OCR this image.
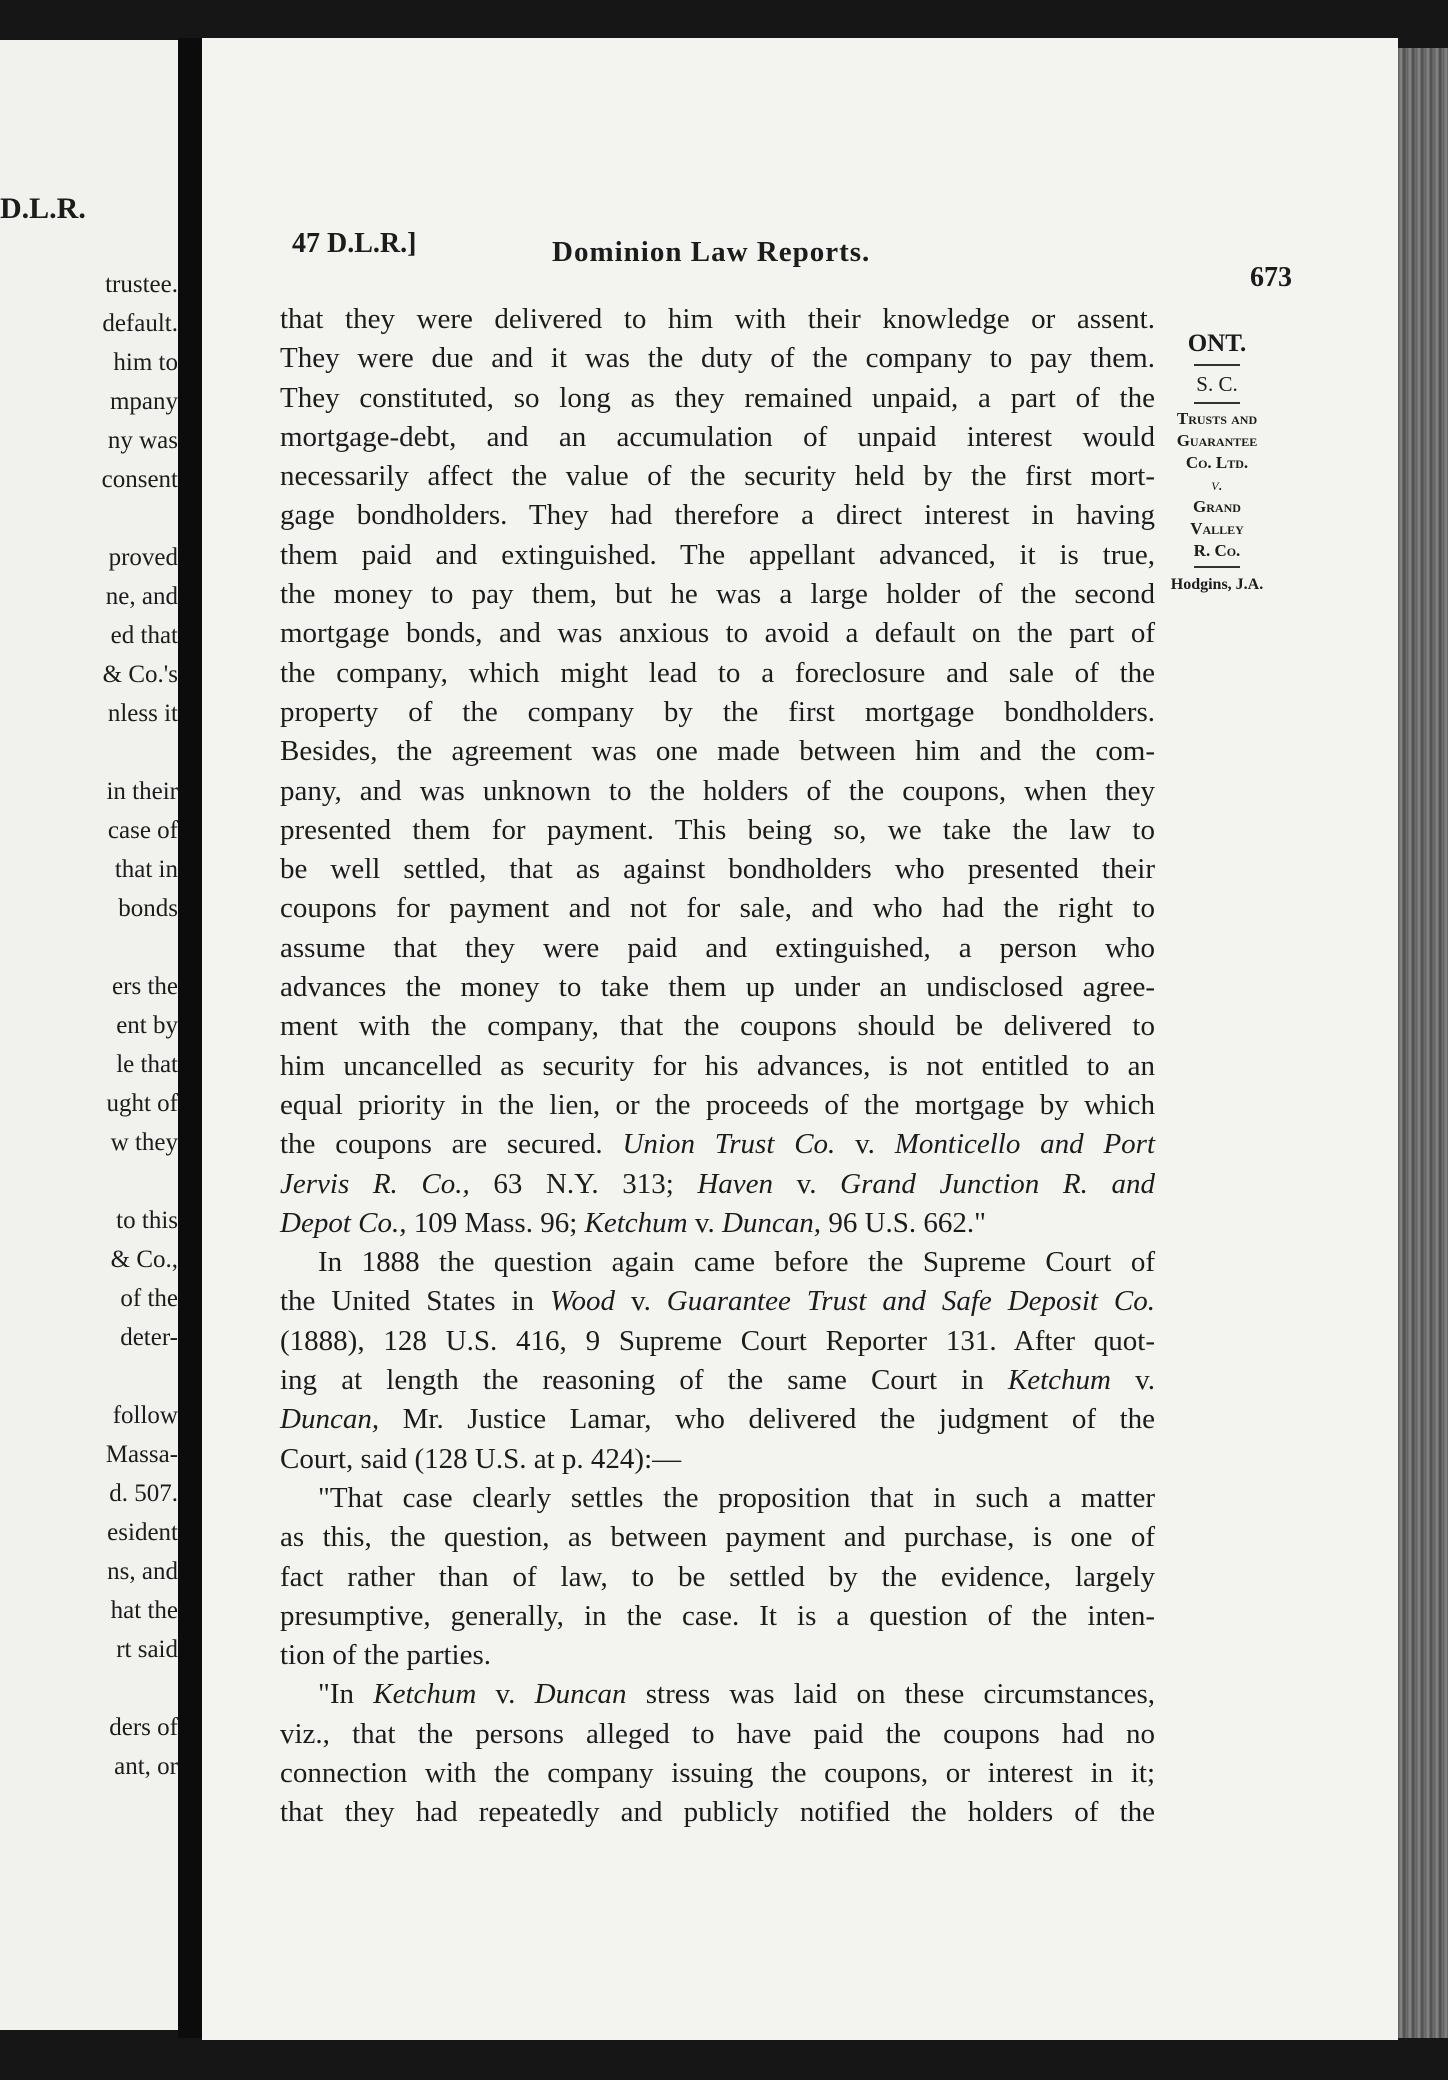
D.L.R.
trustee.
default.
him to
mpany
ny was
consent
proved
ne, and
ed that
& Co.'s
nless it
in their
case of
that in
bonds
ers the
ent by
le that
ught of
w they
to this
& Co.,
of the
deter-
follow
Massa-
d. 507.
esident
ns, and
hat the
rt said
ders of
ant, or
47 D.L.R.]	Dominion Law Reports.
673
ONT.
S. C.
Trusts and
Guarantee
Co. Ltd.
v.
Grand
Valley
R. Co.
Hodgins, J.A.
that they were delivered to him with their knowledge or assent.
They were due and it was the duty of the company to pay them.
They constituted, so long as they remained unpaid, a part of the
mortgage-debt, and an accumulation of unpaid interest would
necessarily affect the value of the security held by the first mort-
gage bondholders. They had therefore a direct interest in having
them paid and extinguished. The appellant advanced, it is true,
the money to pay them, but he was a large holder of the second
mortgage bonds, and was anxious to avoid a default on the part of
the company, which might lead to a foreclosure and sale of the
property of the company by the first mortgage bondholders.
Besides, the agreement was one made between him and the com-
pany, and was unknown to the holders of the coupons, when they
presented them for payment. This being so, we take the law to
be well settled, that as against bondholders who presented their
coupons for payment and not for sale, and who had the right to
assume that they were paid and extinguished, a person who
advances the money to take them up under an undisclosed agree-
ment with the company, that the coupons should be delivered to
him uncancelled as security for his advances, is not entitled to an
equal priority in the lien, or the proceeds of the mortgage by which
the coupons are secured. Union Trust Co. v. Monticello and Port
Jervis R. Co., 63 N.Y. 313; Haven v. Grand Junction R. and
Depot Co., 109 Mass. 96; Ketchum v. Duncan, 96 U.S. 662."
In 1888 the question again came before the Supreme Court of
the United States in Wood v. Guarantee Trust and Safe Deposit Co.
(1888), 128 U.S. 416, 9 Supreme Court Reporter 131. After quot-
ing at length the reasoning of the same Court in Ketchum v.
Duncan, Mr. Justice Lamar, who delivered the judgment of the
Court, said (128 U.S. at p. 424):—
"That case clearly settles the proposition that in such a matter
as this, the question, as between payment and purchase, is one of
fact rather than of law, to be settled by the evidence, largely
presumptive, generally, in the case. It is a question of the inten-
tion of the parties.
"In Ketchum v. Duncan stress was laid on these circumstances,
viz., that the persons alleged to have paid the coupons had no
connection with the company issuing the coupons, or interest in it;
that they had repeatedly and publicly notified the holders of the
